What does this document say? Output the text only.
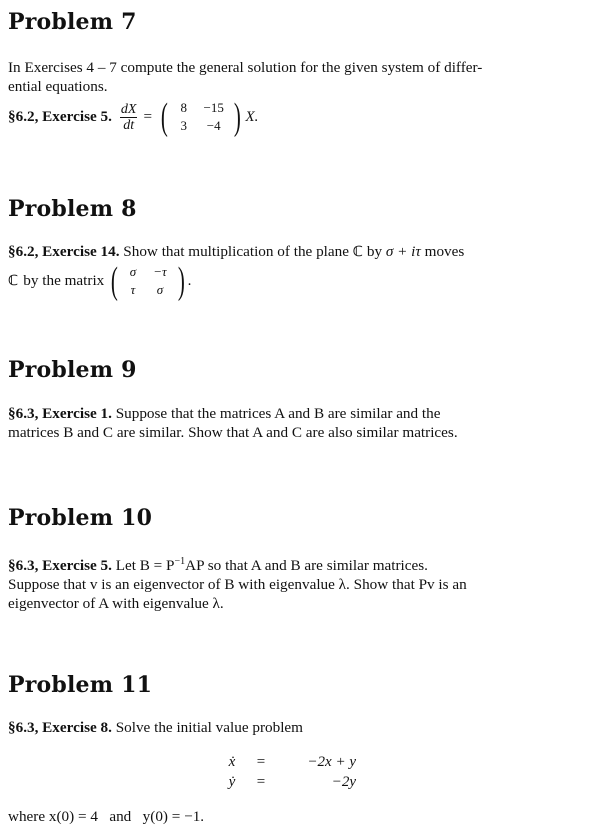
Problem 7
In Exercises 4 – 7 compute the general solution for the given system of differ-
ential equations.
§6.2, Exercise 5. $\frac{dX}{dt}$ = ( 8	−15
3	−4 ) X.
Problem 8
§6.2, Exercise 14. Show that multiplication of the plane ℂ by σ + iτ moves
ℂ by the matrix ( σ	−τ
τ	σ ) .
Problem 9
§6.3, Exercise 1. Suppose that the matrices A and B are similar and the
matrices B and C are similar. Show that A and C are also similar matrices.
Problem 10
§6.3, Exercise 5. Let $B = P^{-1}AP$ so that A and B are similar matrices.
Suppose that v is an eigenvector of B with eigenvalue λ. Show that Pv is an
eigenvector of A with eigenvalue λ.
Problem 11
§6.3, Exercise 8. Solve the initial value problem
ẋ	=	−2x + y
ẏ	=	−2y
where x(0) = 4   and   y(0) = −1.
